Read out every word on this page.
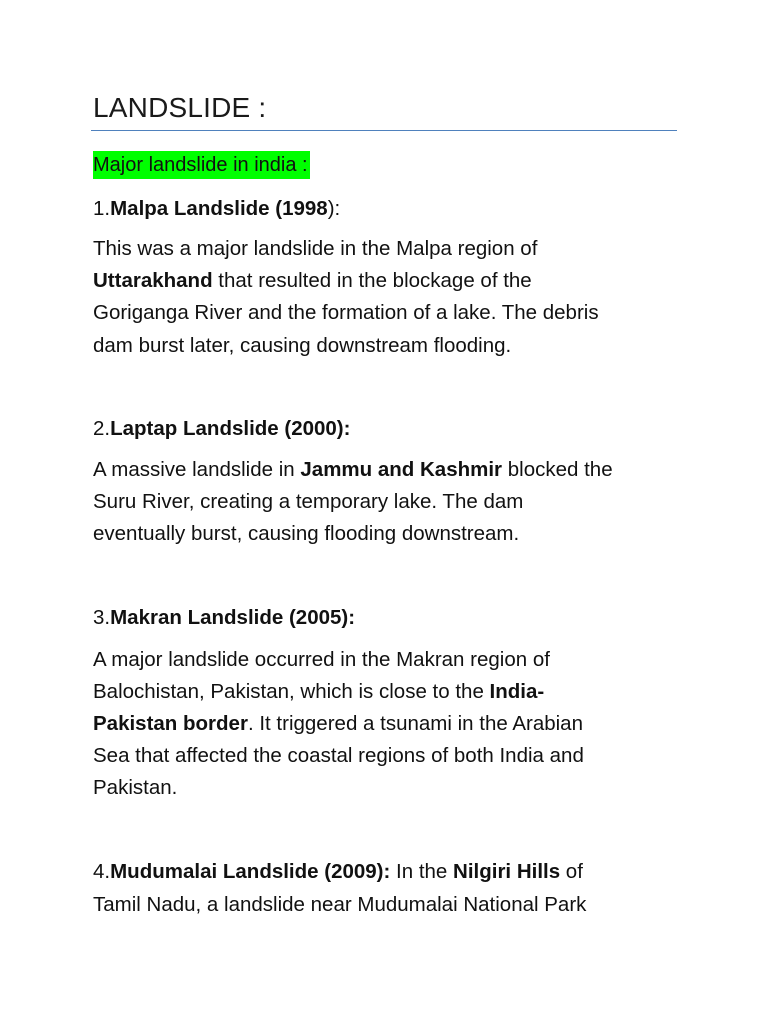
LANDSLIDE :
Major landslide in india :
1.Malpa Landslide (1998):
This was a major landslide in the Malpa region of
Uttarakhand that resulted in the blockage of the
Goriganga River and the formation of a lake. The debris
dam burst later, causing downstream flooding.
2.Laptap Landslide (2000):
A massive landslide in Jammu and Kashmir blocked the
Suru River, creating a temporary lake. The dam
eventually burst, causing flooding downstream.
3.Makran Landslide (2005):
A major landslide occurred in the Makran region of
Balochistan, Pakistan, which is close to the India-
Pakistan border. It triggered a tsunami in the Arabian
Sea that affected the coastal regions of both India and
Pakistan.
4.Mudumalai Landslide (2009): In the Nilgiri Hills of
Tamil Nadu, a landslide near Mudumalai National Park
